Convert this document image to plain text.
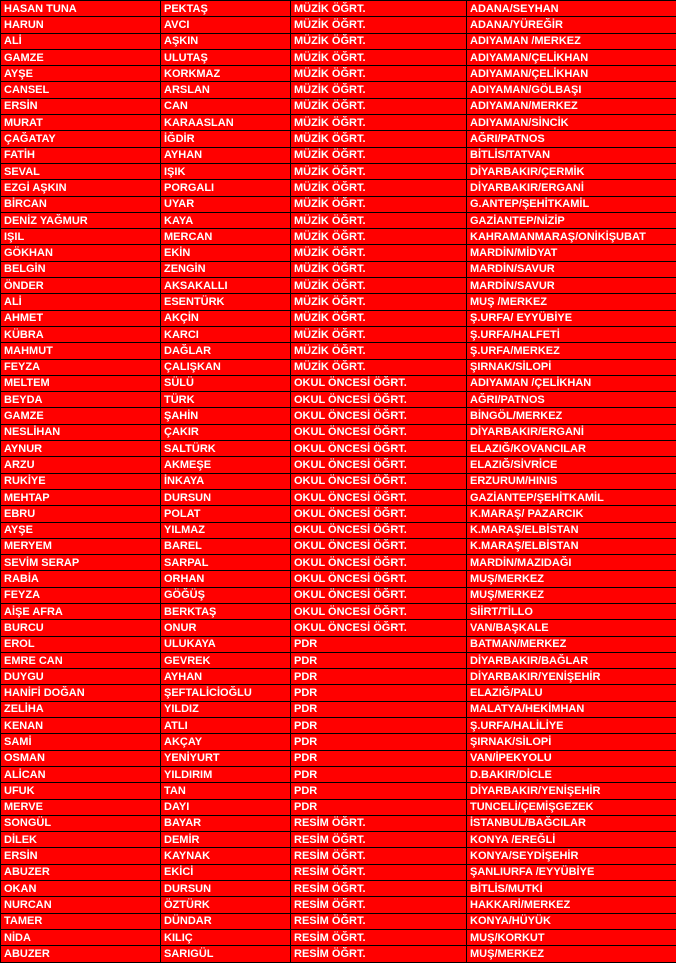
HASAN TUNA	PEKTAŞ	MÜZİK ÖĞRT.	ADANA/SEYHAN
HARUN	AVCI	MÜZİK ÖĞRT.	ADANA/YÜREĞİR
ALİ	AŞKIN	MÜZİK ÖĞRT.	ADIYAMAN /MERKEZ
GAMZE	ULUTAŞ	MÜZİK ÖĞRT.	ADIYAMAN/ÇELİKHAN
AYŞE	KORKMAZ	MÜZİK ÖĞRT.	ADIYAMAN/ÇELİKHAN
CANSEL	ARSLAN	MÜZİK ÖĞRT.	ADIYAMAN/GÖLBAŞI
ERSİN	CAN	MÜZİK ÖĞRT.	ADIYAMAN/MERKEZ
MURAT	KARAASLAN	MÜZİK ÖĞRT.	ADIYAMAN/SİNCİK
ÇAĞATAY	İĞDİR	MÜZİK ÖĞRT.	AĞRI/PATNOS
FATİH	AYHAN	MÜZİK ÖĞRT.	BİTLİS/TATVAN
SEVAL	IŞIK	MÜZİK ÖĞRT.	DİYARBAKIR/ÇERMİK
EZGİ AŞKIN	PORGALI	MÜZİK ÖĞRT.	DİYARBAKIR/ERGANİ
BİRCAN	UYAR	MÜZİK ÖĞRT.	G.ANTEP/ŞEHİTKAMİL
DENİZ YAĞMUR	KAYA	MÜZİK ÖĞRT.	GAZİANTEP/NİZİP
IŞIL	MERCAN	MÜZİK ÖĞRT.	KAHRAMANMARAŞ/ONİKİŞUBAT
GÖKHAN	EKİN	MÜZİK ÖĞRT.	MARDİN/MİDYAT
BELGİN	ZENGİN	MÜZİK ÖĞRT.	MARDİN/SAVUR
ÖNDER	AKSAKALLI	MÜZİK ÖĞRT.	MARDİN/SAVUR
ALİ	ESENTÜRK	MÜZİK ÖĞRT.	MUŞ /MERKEZ
AHMET	AKÇİN	MÜZİK ÖĞRT.	Ş.URFA/ EYYÜBİYE
KÜBRA	KARCI	MÜZİK ÖĞRT.	Ş.URFA/HALFETİ
MAHMUT	DAĞLAR	MÜZİK ÖĞRT.	Ş.URFA/MERKEZ
FEYZA	ÇALIŞKAN	MÜZİK ÖĞRT.	ŞIRNAK/SİLOPİ
MELTEM	SÜLÜ	OKUL ÖNCESİ ÖĞRT.	ADIYAMAN /ÇELİKHAN
BEYDA	TÜRK	OKUL ÖNCESİ ÖĞRT.	AĞRI/PATNOS
GAMZE	ŞAHİN	OKUL ÖNCESİ ÖĞRT.	BİNGÖL/MERKEZ
NESLİHAN	ÇAKIR	OKUL ÖNCESİ ÖĞRT.	DİYARBAKIR/ERGANİ
AYNUR	SALTÜRK	OKUL ÖNCESİ ÖĞRT.	ELAZIĞ/KOVANCILAR
ARZU	AKMEŞE	OKUL ÖNCESİ ÖĞRT.	ELAZIĞ/SİVRİCE
RUKİYE	İNKAYA	OKUL ÖNCESİ ÖĞRT.	ERZURUM/HINIS
MEHTAP	DURSUN	OKUL ÖNCESİ ÖĞRT.	GAZİANTEP/ŞEHİTKAMİL
EBRU	POLAT	OKUL ÖNCESİ ÖĞRT.	K.MARAŞ/ PAZARCIK
AYŞE	YILMAZ	OKUL ÖNCESİ ÖĞRT.	K.MARAŞ/ELBİSTAN
MERYEM	BAREL	OKUL ÖNCESİ ÖĞRT.	K.MARAŞ/ELBİSTAN
SEVİM SERAP	SARPAL	OKUL ÖNCESİ ÖĞRT.	MARDİN/MAZIDAĞI
RABİA	ORHAN	OKUL ÖNCESİ ÖĞRT.	MUŞ/MERKEZ
FEYZA	GÖĞÜŞ	OKUL ÖNCESİ ÖĞRT.	MUŞ/MERKEZ
AİŞE AFRA	BERKTAŞ	OKUL ÖNCESİ ÖĞRT.	SİİRT/TİLLO
BURCU	ONUR	OKUL ÖNCESİ ÖĞRT.	VAN/BAŞKALE
EROL	ULUKAYA	PDR	BATMAN/MERKEZ
EMRE CAN	GEVREK	PDR	DİYARBAKIR/BAĞLAR
DUYGU	AYHAN	PDR	DİYARBAKIR/YENİŞEHİR
HANİFİ DOĞAN	ŞEFTALİCİOĞLU	PDR	ELAZIĞ/PALU
ZELİHA	YILDIZ	PDR	MALATYA/HEKİMHAN
KENAN	ATLI	PDR	Ş.URFA/HALİLİYE
SAMİ	AKÇAY	PDR	ŞIRNAK/SİLOPİ
OSMAN	YENİYURT	PDR	VAN/İPEKYOLU
ALİCAN	YILDIRIM	PDR	D.BAKIR/DİCLE
UFUK	TAN	PDR	DİYARBAKIR/YENİŞEHİR
MERVE	DAYI	PDR	TUNCELİ/ÇEMİŞGEZEK
SONGÜL	BAYAR	RESİM ÖĞRT.	İSTANBUL/BAĞCILAR
DİLEK	DEMİR	RESİM ÖĞRT.	KONYA /EREĞLİ
ERSİN	KAYNAK	RESİM ÖĞRT.	KONYA/SEYDİŞEHİR
ABUZER	EKİCİ	RESİM ÖĞRT.	ŞANLIURFA /EYYÜBİYE
OKAN	DURSUN	RESİM ÖĞRT.	BİTLİS/MUTKİ
NURCAN	ÖZTÜRK	RESİM ÖĞRT.	HAKKARİ/MERKEZ
TAMER	DÜNDAR	RESİM ÖĞRT.	KONYA/HÜYÜK
NİDA	KILIÇ	RESİM ÖĞRT.	MUŞ/KORKUT
ABUZER	SARIGÜL	RESİM ÖĞRT.	MUŞ/MERKEZ
